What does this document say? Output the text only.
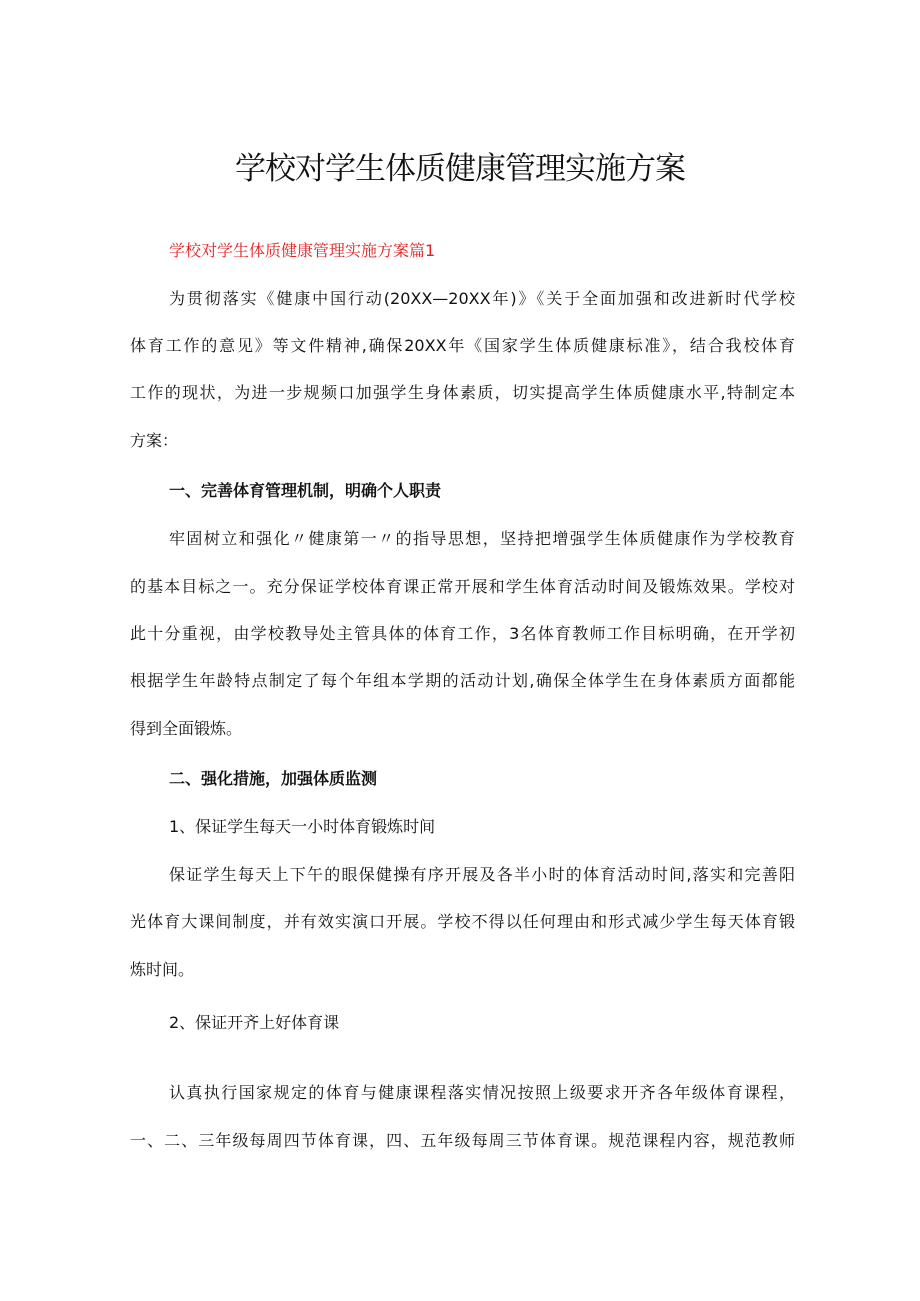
学校对学生体质健康管理实施方案

学校对学生体质健康管理实施方案篇1

为贯彻落实《健康中国行动(20XX—20XX年)》《关于全面加强和改进新时代学校

体育工作的意见》等文件精神,确保20XX年《国家学生体质健康标准》，结合我校体育

工作的现状，为进一步规频口加强学生身体素质，切实提高学生体质健康水平,特制定本

方案：

一、完善体育管理机制，明确个人职责

牢固树立和强化〃健康第一〃的指导思想，坚持把增强学生体质健康作为学校教育

的基本目标之一。充分保证学校体育课正常开展和学生体育活动时间及锻炼效果。学校对

此十分重视，由学校教导处主管具体的体育工作，3名体育教师工作目标明确，在开学初

根据学生年龄特点制定了每个年组本学期的活动计划,确保全体学生在身体素质方面都能

得到全面锻炼。

二、强化措施，加强体质监测

1、保证学生每天一小时体育锻炼时间

保证学生每天上下午的眼保健操有序开展及各半小时的体育活动时间,落实和完善阳

光体育大课间制度，并有效实演口开展。学校不得以任何理由和形式减少学生每天体育锻

炼时间。

2、保证开齐上好体育课

认真执行国家规定的体育与健康课程落实情况按照上级要求开齐各年级体育课程，

一、二、三年级每周四节体育课，四、五年级每周三节体育课。规范课程内容，规范教师
